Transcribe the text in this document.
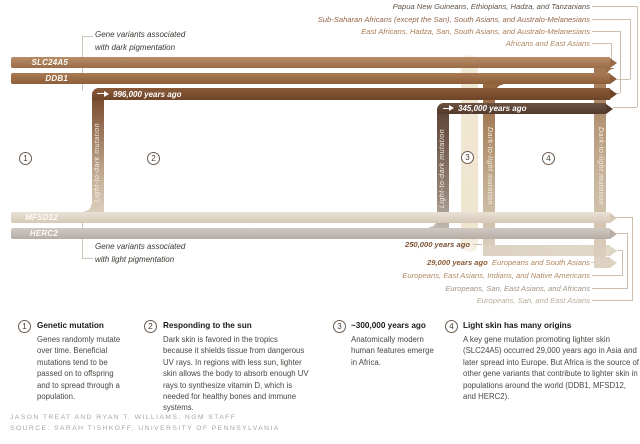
Gene variants associated
with dark pigmentation
Gene variants associated
with light pigmentation
Dark-to-light mutation	Dark-to-light mutation
Light-to-dark mutation	Light-to-dark mutation
SLC24A5
DDB1
996,000 years ago
345,000 years ago
MFSD12
HERC2
1	2	3	4
Papua New Guineans, Ethiopians, Hadza, and Tanzanians
Sub-Saharan Africans (except the San), South Asians, and Australo-Melanesians
East Africans, Hadza, San, South Asians, and Australo-Melanesians
Africans and East Asians
250,000 years ago
29,000 years ago Europeans and South Asians
Europeans, East Asians, Indians, and Native Americans
Europeans, San, East Asians, and Africans
Europeans, San, and East Asians
1	Genetic mutation
Genes randomly mutate over time. Beneficial mutations tend to be passed on to offspring and to spread through a population.
2	Responding to the sun
Dark skin is favored in the tropics because it shields tissue from dangerous UV rays. In regions with less sun, lighter skin allows the body to absorb enough UV rays to synthesize vitamin D, which is needed for healthy bones and immune systems.
3	~300,000 years ago
Anatomically modern human features emerge in Africa.
4	Light skin has many origins
A key gene mutation promoting lighter skin (SLC24A5) occurred 29,000 years ago in Asia and later spread into Europe. But Africa is the source of other gene variants that contribute to lighter skin in populations around the world (DDB1, MFSD12, and HERC2).
JASON TREAT AND RYAN T. WILLIAMS, NGM STAFF
SOURCE: SARAH TISHKOFF, UNIVERSITY OF PENNSYLVANIA
